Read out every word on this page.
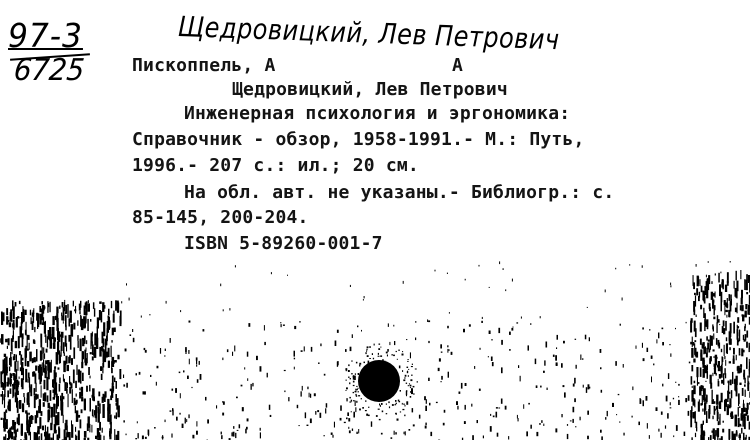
97-3
6725
Щедровицкий, Лев Петрович
Пископпель, А	А
Щедровицкий, Лев Петрович
Инженерная психология и эргономика:
Справочник - обзор, 1958-1991.- М.: Путь,
1996.- 207 с.: ил.; 20 см.
На обл. авт. не указаны.- Библиогр.: с.
85-145, 200-204.
ISBN 5-89260-001-7
